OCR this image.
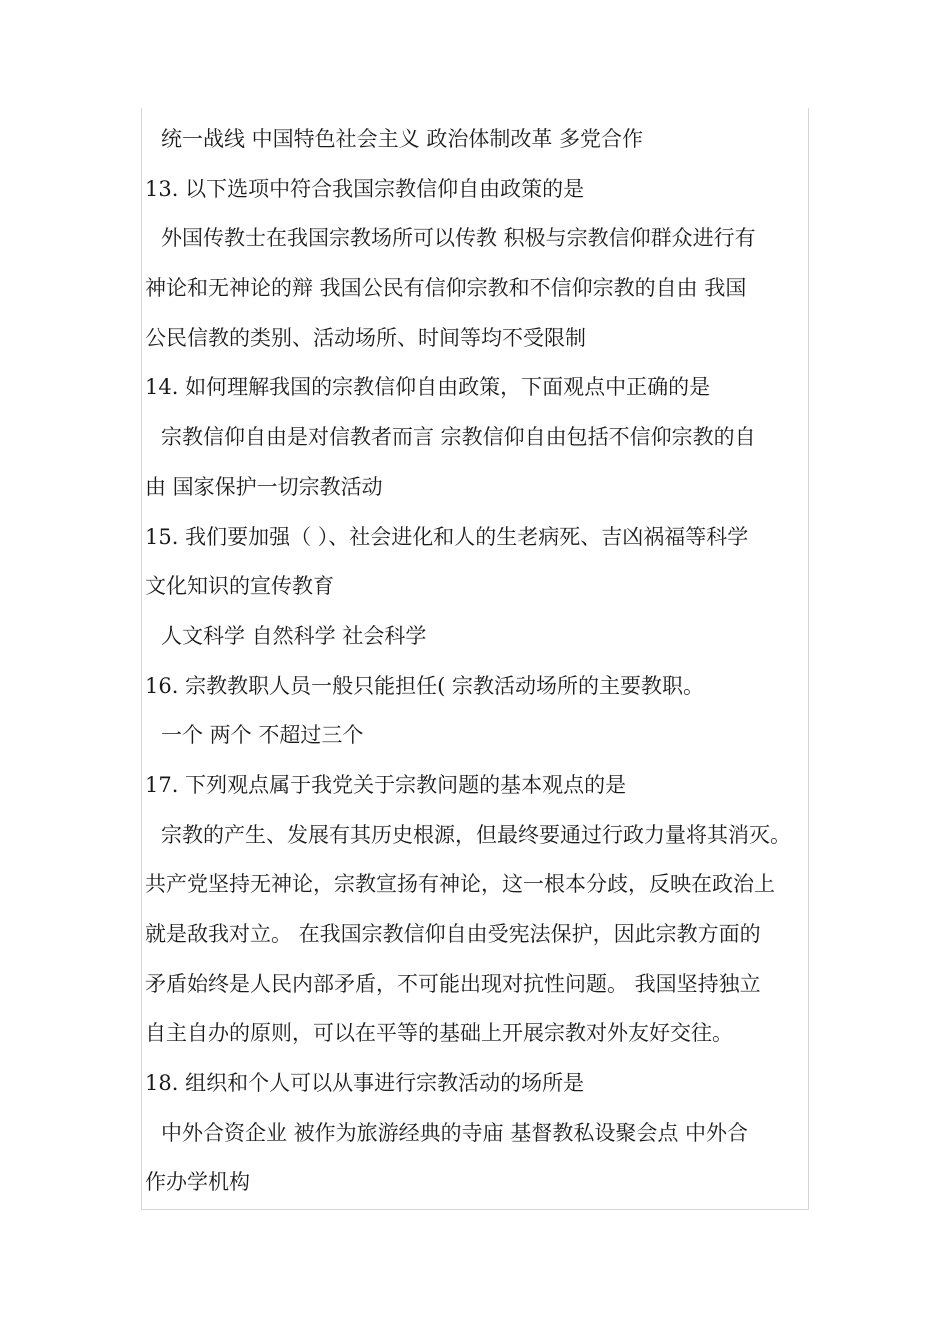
统一战线 中国特色社会主义 政治体制改革 多党合作
13. 以下选项中符合我国宗教信仰自由政策的是
外国传教士在我国宗教场所可以传教 积极与宗教信仰群众进行有
神论和无神论的辩 我国公民有信仰宗教和不信仰宗教的自由 我国
公民信教的类别、活动场所、时间等均不受限制
14. 如何理解我国的宗教信仰自由政策，下面观点中正确的是
宗教信仰自由是对信教者而言 宗教信仰自由包括不信仰宗教的自
由 国家保护一切宗教活动
15. 我们要加强（ ）、社会进化和人的生老病死、吉凶祸福等科学
文化知识的宣传教育
人文科学 自然科学 社会科学
16. 宗教教职人员一般只能担任( 宗教活动场所的主要教职。
一个 两个 不超过三个
17. 下列观点属于我党关于宗教问题的基本观点的是
宗教的产生、发展有其历史根源，但最终要通过行政力量将其消灭。
共产党坚持无神论，宗教宣扬有神论，这一根本分歧，反映在政治上
就是敌我对立。 在我国宗教信仰自由受宪法保护，因此宗教方面的
矛盾始终是人民内部矛盾，不可能出现对抗性问题。 我国坚持独立
自主自办的原则，可以在平等的基础上开展宗教对外友好交往。
18. 组织和个人可以从事进行宗教活动的场所是
中外合资企业 被作为旅游经典的寺庙 基督教私设聚会点 中外合
作办学机构
